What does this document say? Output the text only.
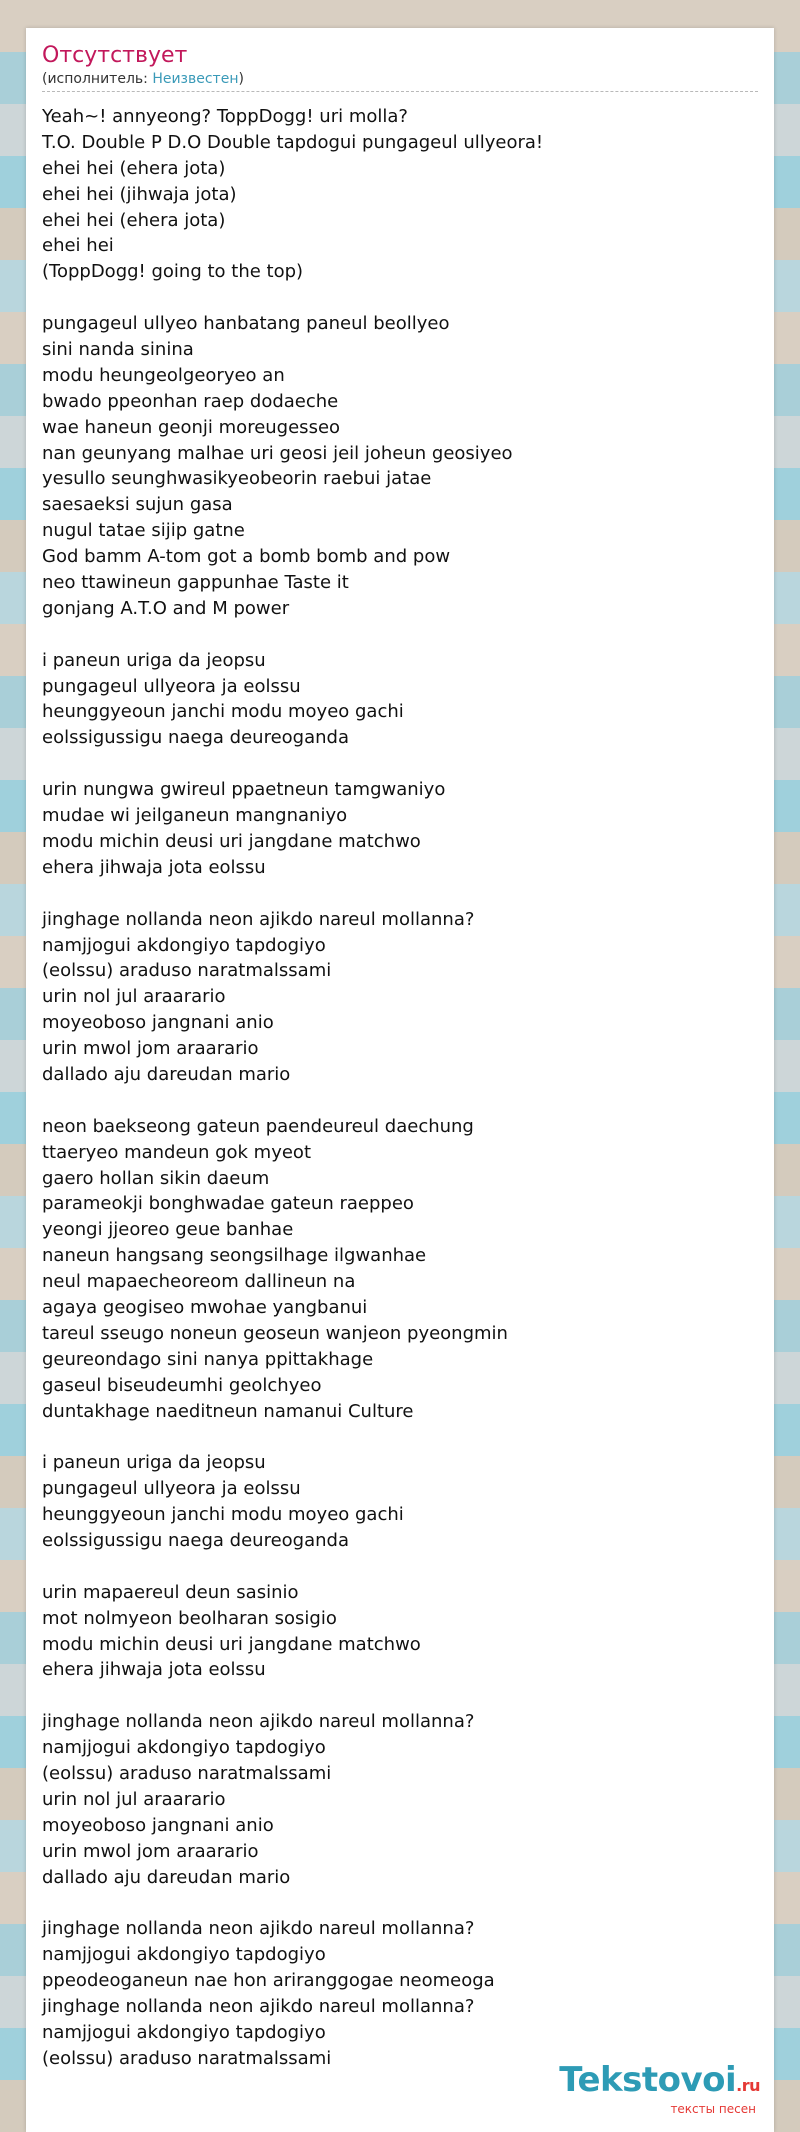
Отсутствует
(исполнитель: Неизвестен)
Yeah~! annyeong? ToppDogg! uri molla?
T.O. Double P D.O Double tapdogui pungageul ullyeora!
ehei hei (ehera jota)
ehei hei (jihwaja jota)
ehei hei (ehera jota)
ehei hei
(ToppDogg! going to the top)
pungageul ullyeo hanbatang paneul beollyeo
sini nanda sinina
modu heungeolgeoryeo an
bwado ppeonhan raep dodaeche
wae haneun geonji moreugesseo
nan geunyang malhae uri geosi jeil joheun geosiyeo
yesullo seunghwasikyeobeorin raebui jatae
saesaeksi sujun gasa
nugul tatae sijip gatne
God bamm A-tom got a bomb bomb and pow
neo ttawineun gappunhae Taste it
gonjang A.T.O and M power
i paneun uriga da jeopsu
pungageul ullyeora ja eolssu
heunggyeoun janchi modu moyeo gachi
eolssigussigu naega deureoganda
urin nungwa gwireul ppaetneun tamgwaniyo
mudae wi jeilganeun mangnaniyo
modu michin deusi uri jangdane matchwo
ehera jihwaja jota eolssu
jinghage nollanda neon ajikdo nareul mollanna?
namjjogui akdongiyo tapdogiyo
(eolssu) araduso naratmalssami
urin nol jul araarario
moyeoboso jangnani anio
urin mwol jom araarario
dallado aju dareudan mario
neon baekseong gateun paendeureul daechung
ttaeryeo mandeun gok myeot
gaero hollan sikin daeum
parameokji bonghwadae gateun raeppeo
yeongi jjeoreo geue banhae
naneun hangsang seongsilhage ilgwanhae
neul mapaecheoreom dallineun na
agaya geogiseo mwohae yangbanui
tareul sseugo noneun geoseun wanjeon pyeongmin
geureondago sini nanya ppittakhage
gaseul biseudeumhi geolchyeo
duntakhage naeditneun namanui Culture
i paneun uriga da jeopsu
pungageul ullyeora ja eolssu
heunggyeoun janchi modu moyeo gachi
eolssigussigu naega deureoganda
urin mapaereul deun sasinio
mot nolmyeon beolharan sosigio
modu michin deusi uri jangdane matchwo
ehera jihwaja jota eolssu
jinghage nollanda neon ajikdo nareul mollanna?
namjjogui akdongiyo tapdogiyo
(eolssu) araduso naratmalssami
urin nol jul araarario
moyeoboso jangnani anio
urin mwol jom araarario
dallado aju dareudan mario
jinghage nollanda neon ajikdo nareul mollanna?
namjjogui akdongiyo tapdogiyo
ppeodeoganeun nae hon ariranggogae neomeoga
jinghage nollanda neon ajikdo nareul mollanna?
namjjogui akdongiyo tapdogiyo
(eolssu) araduso naratmalssami
Tekstovoi.ru
тексты песен
